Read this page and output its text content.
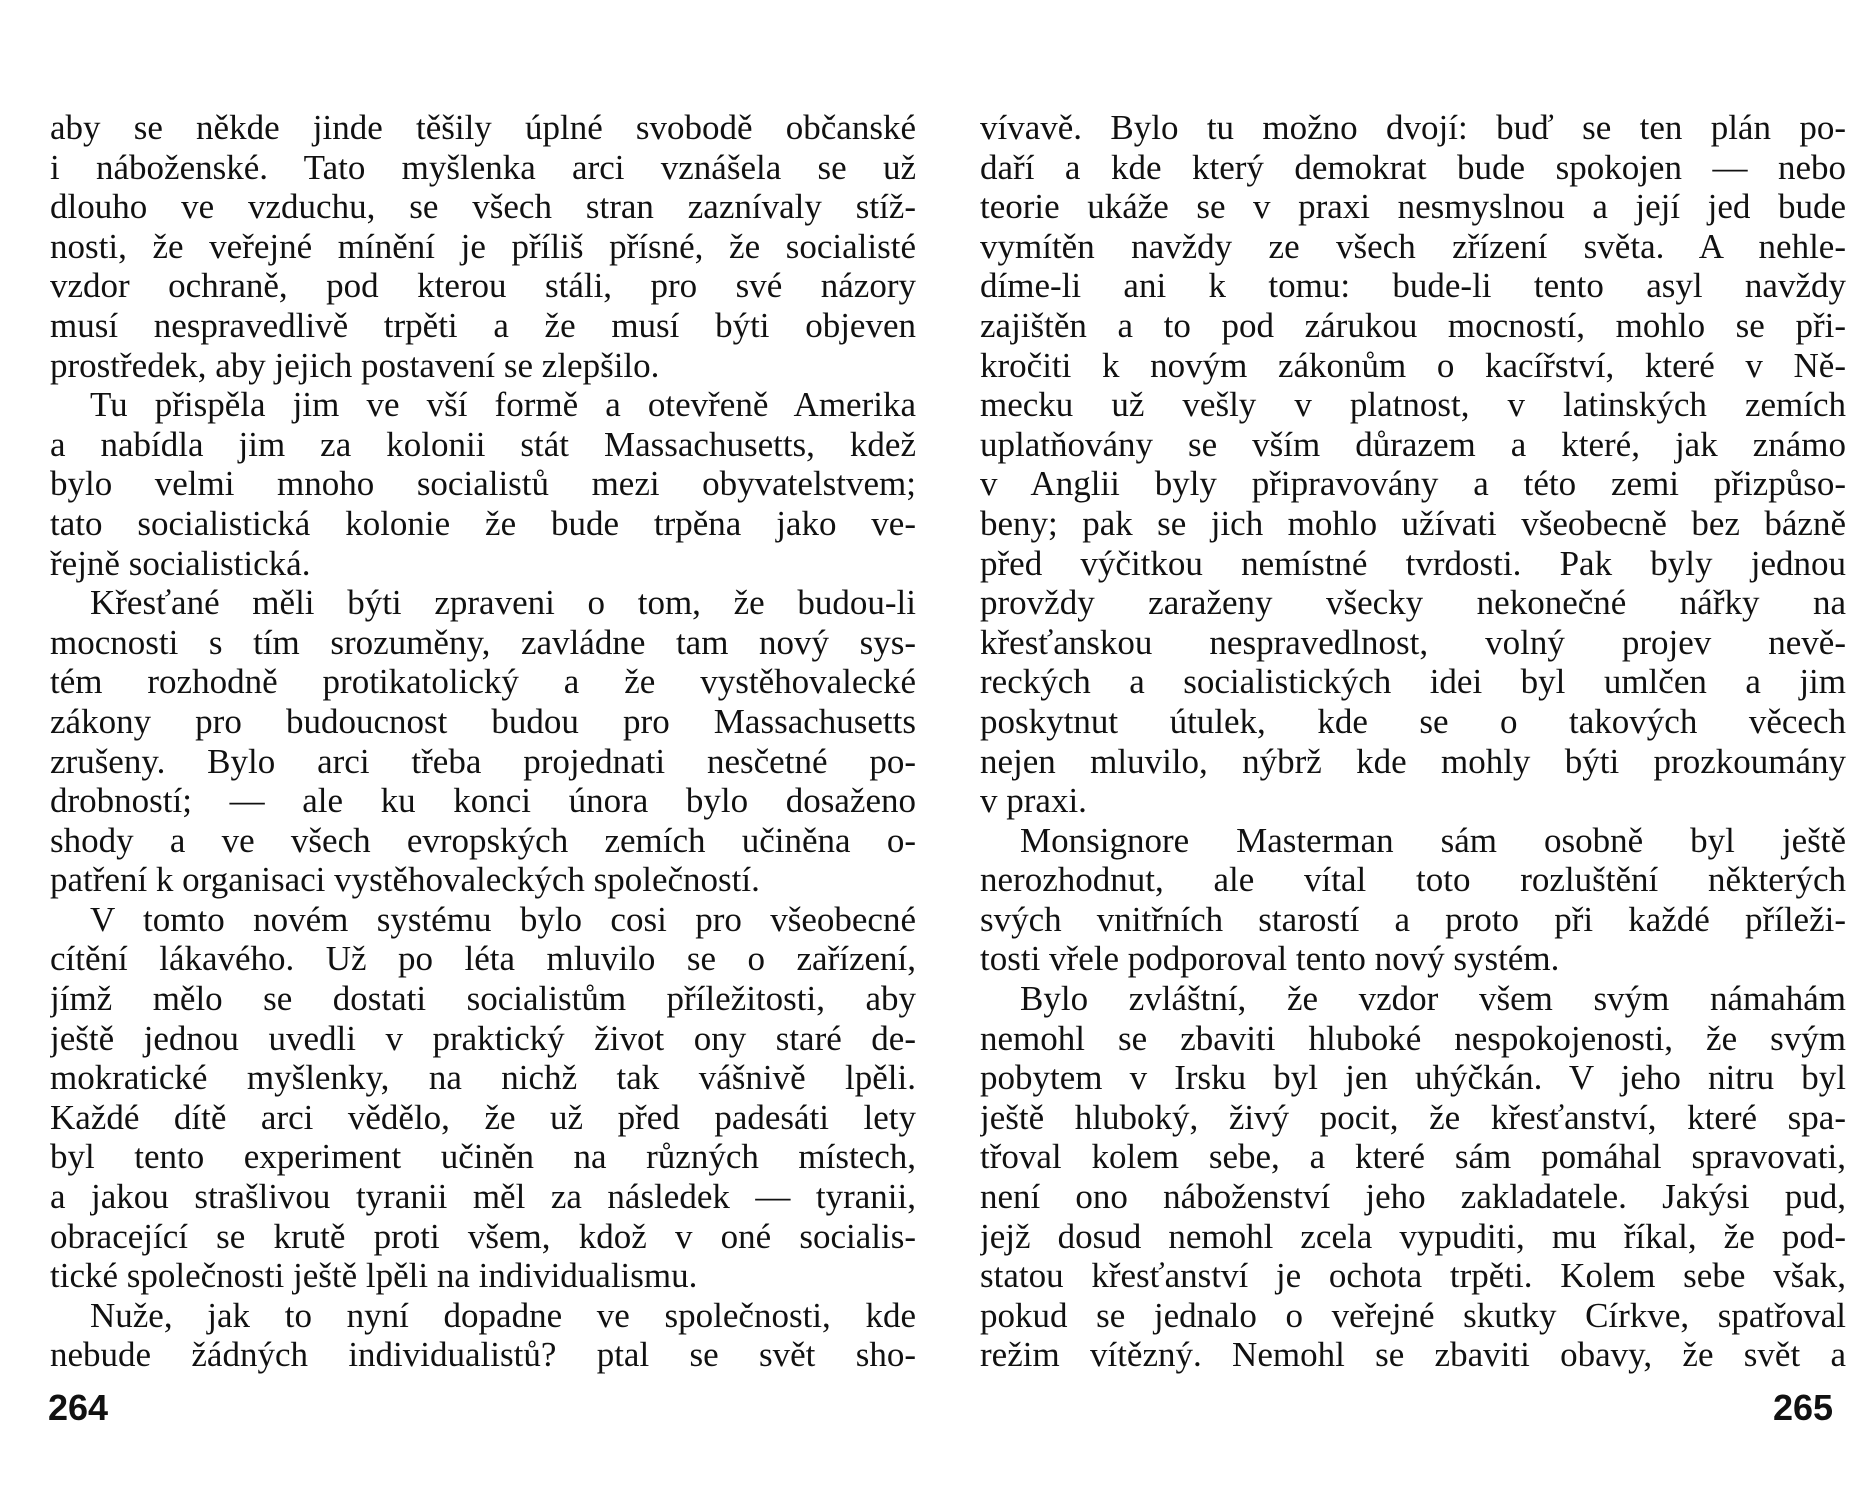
aby se někde jinde těšily úplné svobodě občanské
i náboženské. Tato myšlenka arci vznášela se už
dlouho ve vzduchu, se všech stran zaznívaly stíž-
nosti, že veřejné mínění je příliš přísné, že socialisté
vzdor ochraně, pod kterou stáli, pro své názory
musí nespravedlivě trpěti a že musí býti objeven
prostředek, aby jejich postavení se zlepšilo.
Tu přispěla jim ve vší formě a otevřeně Amerika
a nabídla jim za kolonii stát Massachusetts, kdež
bylo velmi mnoho socialistů mezi obyvatelstvem;
tato socialistická kolonie že bude trpěna jako ve-
řejně socialistická.
Křesťané měli býti zpraveni o tom, že budou-li
mocnosti s tím srozuměny, zavládne tam nový sys-
tém rozhodně protikatolický a že vystěhovalecké
zákony pro budoucnost budou pro Massachusetts
zrušeny. Bylo arci třeba projednati nesčetné po-
drobností; — ale ku konci února bylo dosaženo
shody a ve všech evropských zemích učiněna o-
patření k organisaci vystěhovaleckých společností.
V tomto novém systému bylo cosi pro všeobecné
cítění lákavého. Už po léta mluvilo se o zařízení,
jímž mělo se dostati socialistům příležitosti, aby
ještě jednou uvedli v praktický život ony staré de-
mokratické myšlenky, na nichž tak vášnivě lpěli.
Každé dítě arci vědělo, že už před padesáti lety
byl tento experiment učiněn na různých místech,
a jakou strašlivou tyranii měl za následek — tyranii,
obracející se krutě proti všem, kdož v oné socialis-
tické společnosti ještě lpěli na individualismu.
Nuže, jak to nyní dopadne ve společnosti, kde
nebude žádných individualistů? ptal se svět sho-
264
vívavě. Bylo tu možno dvojí: buď se ten plán po-
daří a kde který demokrat bude spokojen — nebo
teorie ukáže se v praxi nesmyslnou a její jed bude
vymítěn navždy ze všech zřízení světa. A nehle-
díme-li ani k tomu: bude-li tento asyl navždy
zajištěn a to pod zárukou mocností, mohlo se při-
kročiti k novým zákonům o kacířství, které v Ně-
mecku už vešly v platnost, v latinských zemích
uplatňovány se vším důrazem a které, jak známo
v Anglii byly připravovány a této zemi přizpůso-
beny; pak se jich mohlo užívati všeobecně bez bázně
před výčitkou nemístné tvrdosti. Pak byly jednou
provždy zaraženy všecky nekonečné nářky na
křesťanskou nespravedlnost, volný projev nevě-
reckých a socialistických idei byl umlčen a jim
poskytnut útulek, kde se o takových věcech
nejen mluvilo, nýbrž kde mohly býti prozkoumány
v praxi.
Monsignore Masterman sám osobně byl ještě
nerozhodnut, ale vítal toto rozluštění některých
svých vnitřních starostí a proto při každé příleži-
tosti vřele podporoval tento nový systém.
Bylo zvláštní, že vzdor všem svým námahám
nemohl se zbaviti hluboké nespokojenosti, že svým
pobytem v Irsku byl jen uhýčkán. V jeho nitru byl
ještě hluboký, živý pocit, že křesťanství, které spa-
třoval kolem sebe, a které sám pomáhal spravovati,
není ono náboženství jeho zakladatele. Jakýsi pud,
jejž dosud nemohl zcela vypuditi, mu říkal, že pod-
statou křesťanství je ochota trpěti. Kolem sebe však,
pokud se jednalo o veřejné skutky Církve, spatřoval
režim vítězný. Nemohl se zbaviti obavy, že svět a
265
